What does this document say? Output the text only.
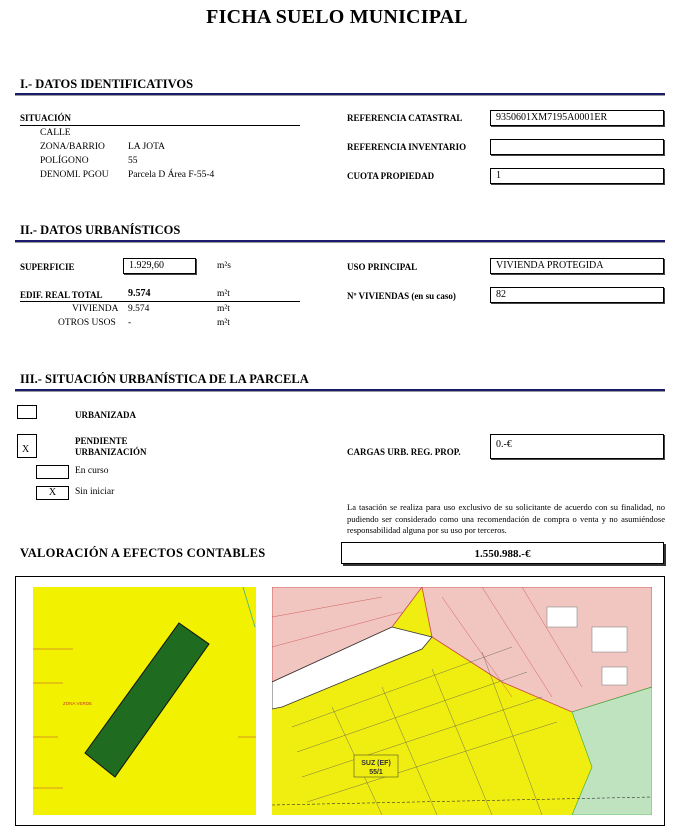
FICHA SUELO MUNICIPAL
I.- DATOS IDENTIFICATIVOS
SITUACIÓN
CALLE
ZONA/BARRIO LA JOTA
POLÍGONO	55
DENOMI. PGOU Parcela D Área F-55-4
REFERENCIA CATASTRAL	9350601XM7195A0001ER
REFERENCIA INVENTARIO
CUOTA PROPIEDAD	1
II.- DATOS URBANÍSTICOS
SUPERFICIE	1.929,60	m²s
EDIF. REAL TOTAL	9.574	m²t
VIVIENDA 9.574	m²t
OTROS USOS -	m²t
USO PRINCIPAL	VIVIENDA PROTEGIDA
Nº VIVIENDAS (en su caso)	82
III.- SITUACIÓN URBANÍSTICA DE LA PARCELA
URBANIZADA
X
PENDIENTE
URBANIZACIÓN
En curso
X	Sin iniciar
CARGAS URB. REG. PROP.
0.-€
La tasación se realiza para uso exclusivo de su solicitante de acuerdo con su finalidad, no pudiendo ser considerado como una recomendación de compra o venta y no asumiéndose responsabilidad alguna por su uso por terceros.
VALORACIÓN A EFECTOS CONTABLES	1.550.988.-€
ZONA VERDE
SUZ (EF)
55/1
